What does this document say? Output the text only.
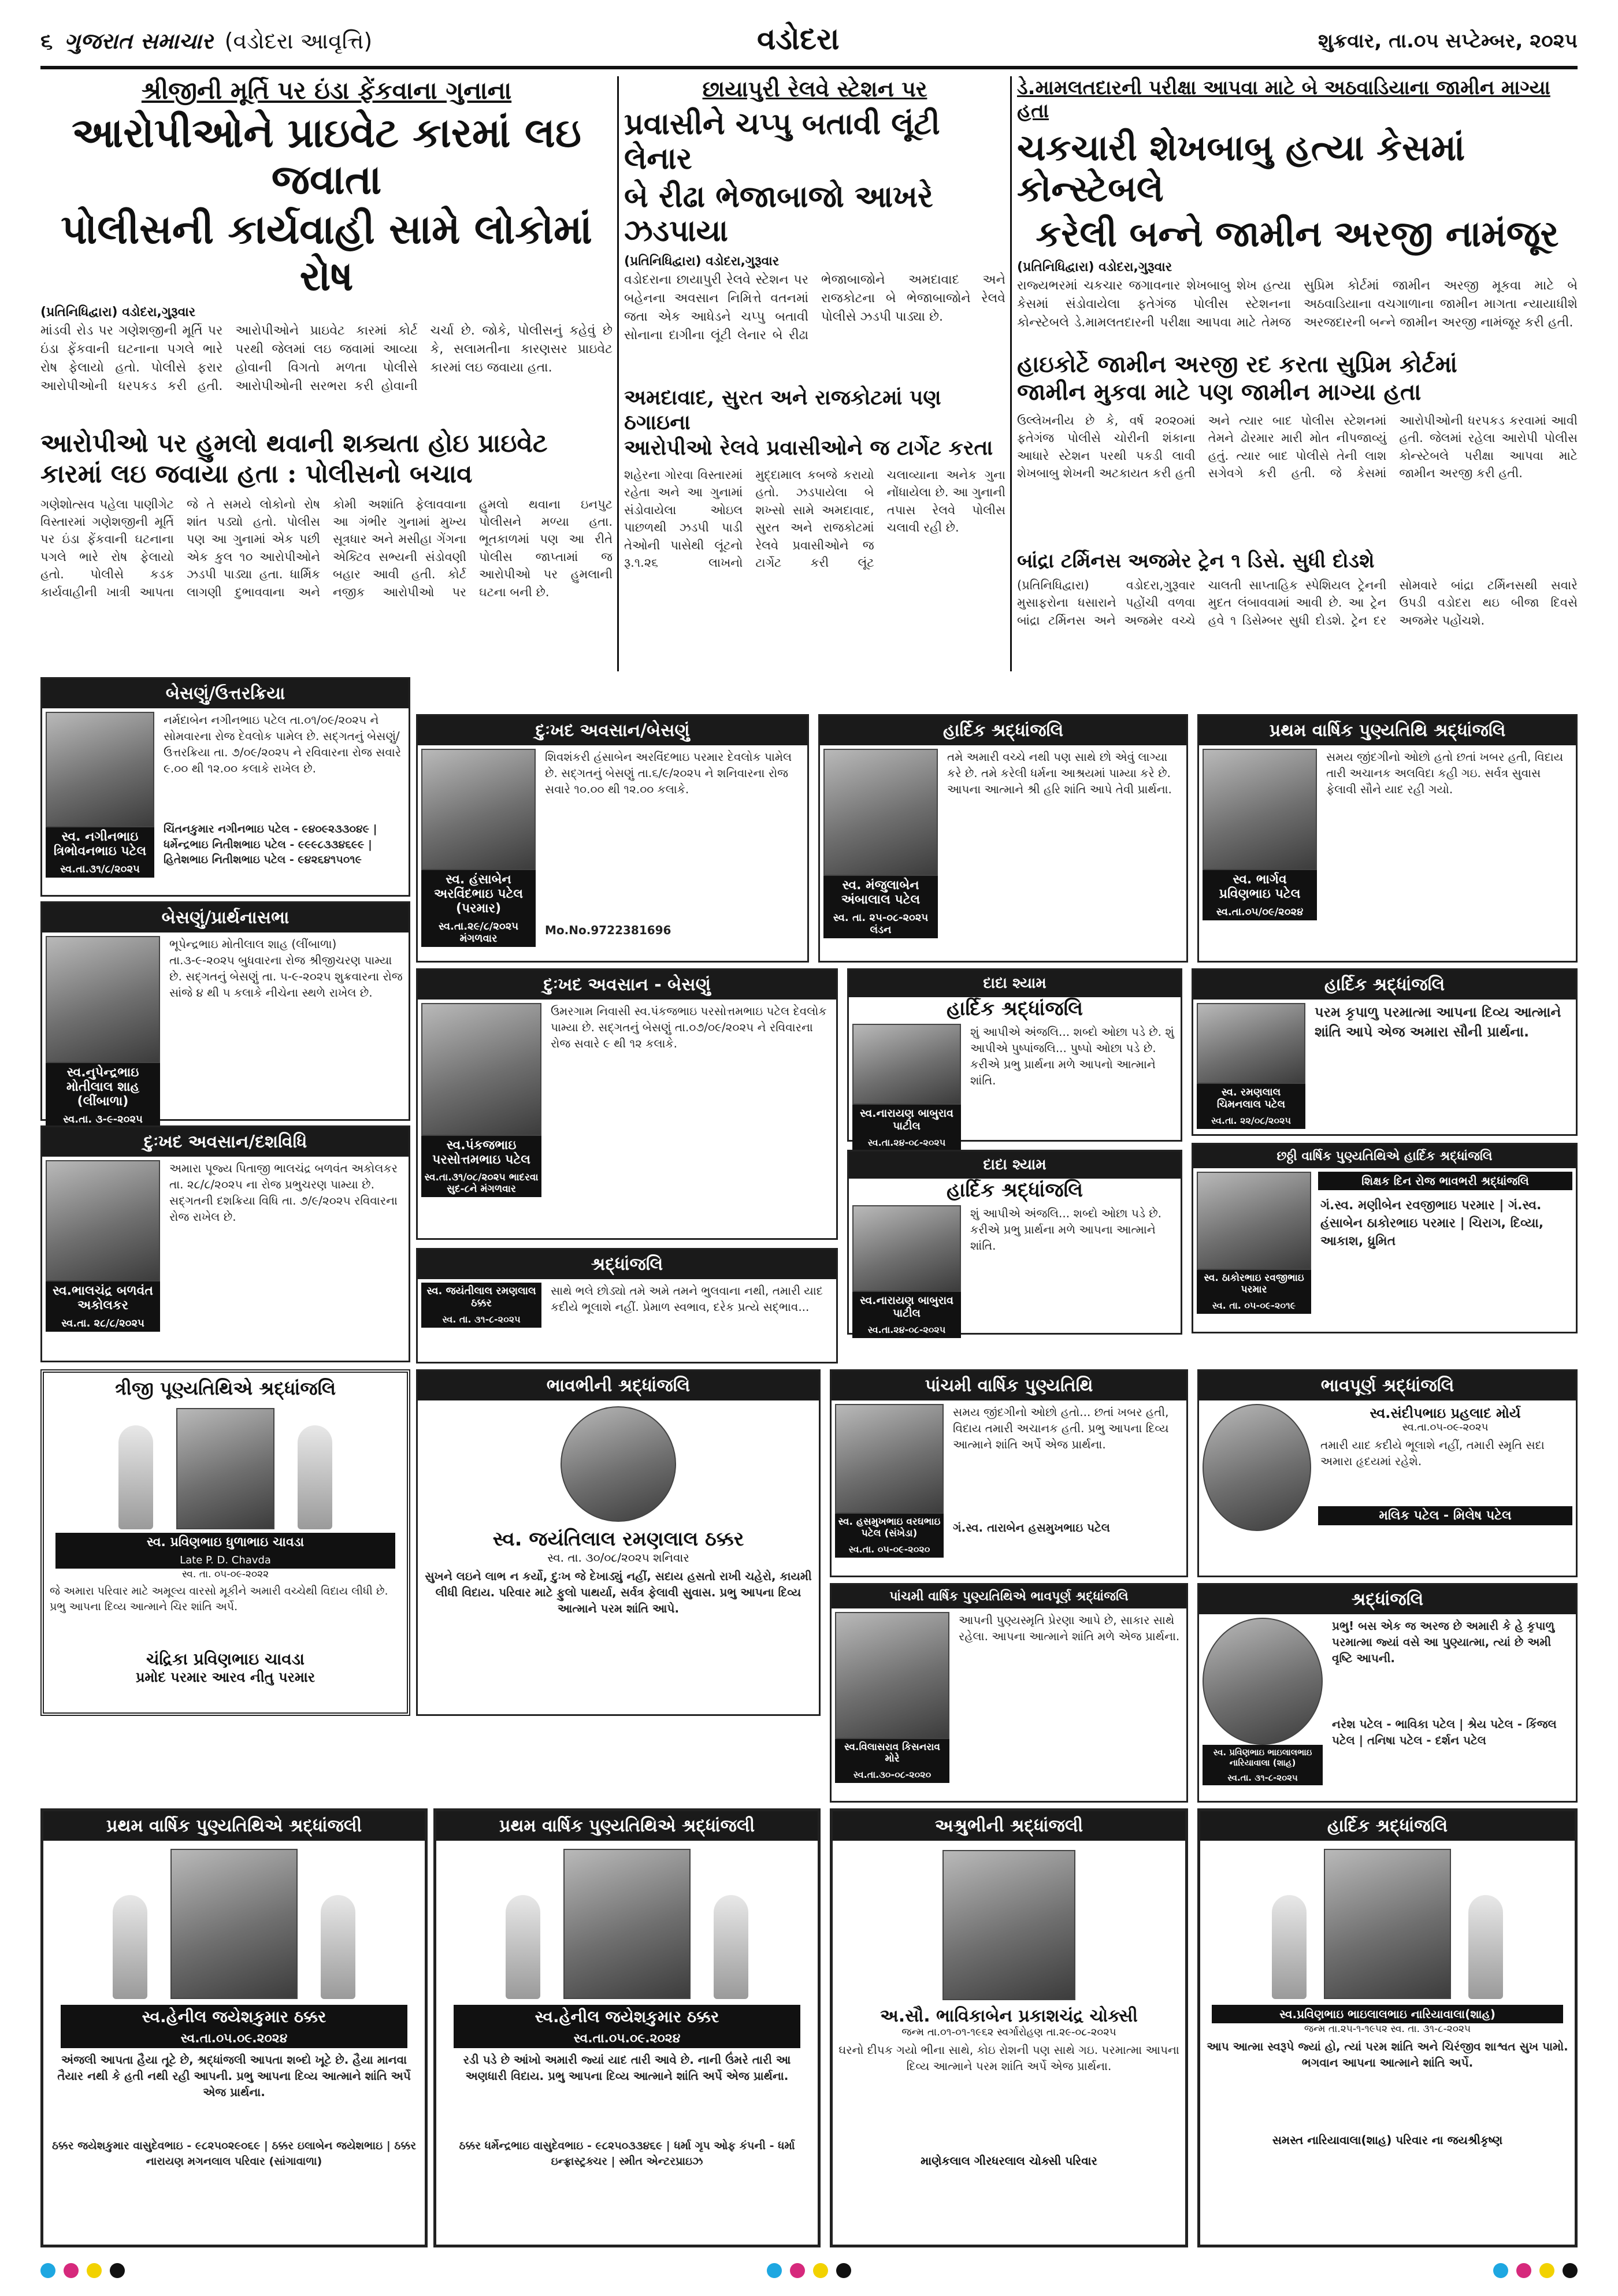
૬ ગુજરાત સમાચાર (વડોદરા આવૃત્તિ)	વડોદરા	શુક્રવાર, તા.૦૫ સપ્ટેમ્બર, ૨૦૨૫
શ્રીજીની મૂર્તિ પર ઇંડા ફેંકવાના ગુનાના
આરોપીઓને પ્રાઇવેટ કારમાં લઇ જવાતા
પોલીસની કાર્યવાહી સામે લોકોમાં રોષ
(પ્રતિનિધિદ્વારા) વડોદરા,ગુરૂવાર
માંડવી રોડ પર ગણેશજીની મૂર્તિ પર ઇંડા ફેંકવાની ઘટનાના પગલે ભારે રોષ ફેલાયો હતો. પોલીસે ફરાર આરોપીઓની ધરપકડ કરી હતી. આરોપીઓને પ્રાઇવેટ કારમાં કોર્ટ પરથી જેલમાં લઇ જવામાં આવ્યા હોવાની વિગતો મળતા પોલીસે આરોપીઓની સરભરા કરી હોવાની ચર્ચા છે. જોકે, પોલીસનું કહેવું છે કે, સલામતીના કારણસર પ્રાઇવેટ કારમાં લઇ જવાયા હતા.
આરોપીઓ પર હુમલો થવાની શક્યતા હોઇ પ્રાઇવેટ
કારમાં લઇ જવાયા હતા : પોલીસનો બચાવ
ગણેશોત્સવ પહેલા પાણીગેટ વિસ્તારમાં ગણેશજીની મૂર્તિ પર ઇંડા ફેંકવાની ઘટનાના પગલે ભારે રોષ ફેલાયો હતો. પોલીસે કડક કાર્યવાહીની ખાત્રી આપતા જે તે સમયે લોકોનો રોષ શાંત પડ્યો હતો. પોલીસ પણ આ ગુનામાં એક પછી એક કુલ ૧૦ આરોપીઓને ઝડપી પાડ્યા હતા. ધાર્મિક લાગણી દુભાવવાના અને કોમી અશાંતિ ફેલાવવાના આ ગંભીર ગુનામાં મુખ્ય સૂત્રધાર અને મસીહા ગેંગના એક્ટિવ સભ્યની સંડોવણી બહાર આવી હતી. કોર્ટ નજીક આરોપીઓ પર હુમલો થવાના ઇનપુટ પોલીસને મળ્યા હતા. ભૂતકાળમાં પણ આ રીતે પોલીસ જાપ્તામાં જ આરોપીઓ પર હુમલાની ઘટના બની છે.
છાયાપુરી રેલવે સ્ટેશન પર
પ્રવાસીને ચપ્પુ બતાવી લૂંટી લેનાર
બે રીઢા ભેજાબાજો આખરે ઝડપાયા
(પ્રતિનિધિદ્વારા) વડોદરા,ગુરૂવાર
વડોદરાના છાયાપુરી રેલવે સ્ટેશન પર બહેનના અવસાન નિમિત્તે વતનમાં જતા એક આધેડને ચપ્પુ બતાવી સોનાના દાગીના લૂંટી લેનાર બે રીઢા ભેજાબાજોને અમદાવાદ અને રાજકોટના બે ભેજાબાજોને રેલવે પોલીસે ઝડપી પાડ્યા છે.
અમદાવાદ, સુરત અને રાજકોટમાં પણ ઠગાઇના
આરોપીઓ રેલવે પ્રવાસીઓને જ ટાર્ગેટ કરતા
શહેરના ગોરવા વિસ્તારમાં રહેતા અને આ ગુનામાં સંડોવાયેલા ઓઇલ પાછળથી ઝડપી પાડી તેઓની પાસેથી લૂંટનો રૂ.૧.૨૬ લાખનો મુદ્દામાલ કબજે કરાયો હતો. ઝડપાયેલા બે શખ્સો સામે અમદાવાદ, સુરત અને રાજકોટમાં રેલવે પ્રવાસીઓને જ ટાર્ગેટ કરી લૂંટ ચલાવ્યાના અનેક ગુના નોંધાયેલા છે. આ ગુનાની તપાસ રેલવે પોલીસ ચલાવી રહી છે.
ડે.મામલતદારની પરીક્ષા આપવા માટે બે અઠવાડિયાના જામીન માગ્યા હતા
ચકચારી શેખબાબુ હત્યા કેસમાં કોન્સ્ટેબલે
કરેલી બન્ને જામીન અરજી નામંજૂર
(પ્રતિનિધિદ્વારા) વડોદરા,ગુરૂવાર
રાજ્યભરમાં ચકચાર જગાવનાર શેખબાબુ શેખ હત્યા કેસમાં સંડોવાયેલા ફતેગંજ પોલીસ સ્ટેશનના કોન્સ્ટેબલે ડે.મામલતદારની પરીક્ષા આપવા માટે તેમજ સુપ્રિમ કોર્ટમાં જામીન અરજી મૂકવા માટે બે અઠવાડિયાના વચગાળાના જામીન માગતા ન્યાયાધીશે અરજદારની બન્ને જામીન અરજી નામંજૂર કરી હતી.
હાઇકોર્ટે જામીન અરજી રદ કરતા સુપ્રિમ કોર્ટમાં
જામીન મુકવા માટે પણ જામીન માગ્યા હતા
ઉલ્લેખનીય છે કે, વર્ષ ૨૦૨૦માં ફતેગંજ પોલીસે ચોરીની શંકાના આધારે સ્ટેશન પરથી પકડી લાવી શેખબાબુ શેખની અટકાયત કરી હતી અને ત્યાર બાદ પોલીસ સ્ટેશનમાં તેમને ઢોરમાર મારી મોત નીપજાવ્યું હતું. ત્યાર બાદ પોલીસે તેની લાશ સગેવગે કરી હતી. જે કેસમાં આરોપીઓની ધરપકડ કરવામાં આવી હતી. જેલમાં રહેલા આરોપી પોલીસ કોન્સ્ટેબલે પરીક્ષા આપવા માટે જામીન અરજી કરી હતી.
બાંદ્રા ટર્મિનસ અજમેર ટ્રેન ૧ ડિસે. સુધી દોડશે
(પ્રતિનિધિદ્વારા) વડોદરા,ગુરૂવાર મુસાફરોના ધસારાને પહોંચી વળવા બાંદ્રા ટર્મિનસ અને અજમેર વચ્ચે ચાલતી સાપ્તાહિક સ્પેશિયલ ટ્રેનની મુદત લંબાવવામાં આવી છે. આ ટ્રેન હવે ૧ ડિસેમ્બર સુધી દોડશે. ટ્રેન દર સોમવારે બાંદ્રા ટર્મિનસથી સવારે ઉપડી વડોદરા થઇ બીજા દિવસે અજમેર પહોંચશે.
બેસણું/ઉત્તરક્રિયા
સ્વ. નગીનભાઇ ત્રિભોવનભાઇ પટેલ
સ્વ.તા.૩૧/૮/૨૦૨૫
નર્મદાબેન નગીનભાઇ પટેલ તા.૦૧/૦૯/૨૦૨૫ ને સોમવારના રોજ દેવલોક પામેલ છે. સદ્ગતનું બેસણું/ઉત્તરક્રિયા તા. ૭/૦૯/૨૦૨૫ ને રવિવારના રોજ સવારે ૯.૦૦ થી ૧૨.૦૦ કલાકે રાખેલ છે.
ચિંતનકુમાર નગીનભાઇ પટેલ - ૯૪૦૯૨૩૩૦૪૯ | ધર્મેન્દ્રભાઇ નિતીશભાઇ પટેલ - ૯૯૯૮૩૩૪૬૯૯ | હિતેશભાઇ નિતીશભાઇ પટેલ - ૯૪૨૬૪૧૫૦૧૯
બેસણું/પ્રાર્થનાસભા
સ્વ.નુપેન્દ્રભાઇ મોતીલાલ શાહ (લીંબાળા)
સ્વ.તા. ૩-૯-૨૦૨૫
ભૂપેન્દ્રભાઇ મોતીલાલ શાહ (લીંબાળા) તા.૩-૯-૨૦૨૫ બુધવારના રોજ શ્રીજીચરણ પામ્યા છે. સદ્ગતનું બેસણું તા. ૫-૯-૨૦૨૫ શુક્રવારના રોજ સાંજે ૪ થી ૫ કલાકે નીચેના સ્થળે રાખેલ છે.
દુઃખદ અવસાન/દશવિધિ
સ્વ.ભાલચંદ્ર બળવંત અકોલકર
સ્વ.તા. ૨૮/૮/૨૦૨૫
અમારા પૂજ્ય પિતાજી ભાલચંદ્ર બળવંત અકોલકર તા. ૨૮/૮/૨૦૨૫ ના રોજ પ્રભુચરણ પામ્યા છે. સદ્ગતની દશક્રિયા વિધિ તા. ૭/૯/૨૦૨૫ રવિવારના રોજ રાખેલ છે.
દુઃખદ અવસાન/બેસણું
સ્વ. હંસાબેન અરવિંદભાઇ પટેલ (પરમાર)
સ્વ.તા.૨૯/૮/૨૦૨૫ મંગળવાર
શિવશંકરી હંસાબેન અરવિંદભાઇ પરમાર દેવલોક પામેલ છે. સદ્ગતનું બેસણું તા.૬/૯/૨૦૨૫ ને શનિવારના રોજ સવારે ૧૦.૦૦ થી ૧૨.૦૦ કલાકે.
Mo.No.9722381696
હાર્દિક શ્રદ્ધાંજલિ
સ્વ. મંજુલાબેન અંબાલાલ પટેલ
સ્વ. તા. ૨૫-૦૮-૨૦૨૫ લંડન
તમે અમારી વચ્ચે નથી પણ સાથે છો એવું લાગ્યા કરે છે. તમે કરેલી ધર્મના આશ્રયમાં પામ્યા કરે છે. આપના આત્માને શ્રી હરિ શાંતિ આપે તેવી પ્રાર્થના.
પ્રથમ વાર્ષિક પુણ્યતિથિ શ્રદ્ધાંજલિ
સ્વ. ભાર્ગવ પ્રવિણભાઇ પટેલ
સ્વ.તા.૦૫/૦૯/૨૦૨૪
સમય જીંદગીનો ઓછો હતો છતાં ખબર હતી, વિદાય તારી અચાનક અલવિદા કહી ગઇ. સર્વત્ર સુવાસ ફેલાવી સૌને યાદ રહી ગયો.
દુઃખદ અવસાન - બેસણું
સ્વ.પંકજભાઇ પરસોત્તમભાઇ પટેલ
સ્વ.તા.૩૧/૦૮/૨૦૨૫ ભાદરવા સુદ-૮ને મંગળવાર
ઉમરગામ નિવાસી સ્વ.પંકજભાઇ પરસોત્તમભાઇ પટેલ દેવલોક પામ્યા છે. સદ્ગતનું બેસણું તા.૦૭/૦૯/૨૦૨૫ ને રવિવારના રોજ સવારે ૯ થી ૧૨ કલાકે.
દાદા શ્યામ
હાર્દિક શ્રદ્ધાંજલિ
સ્વ.નારાયણ બાબુરાવ પાટીલ
સ્વ.તા.૨૪-૦૮-૨૦૨૫
શું આપીએ અંજલિ... શબ્દો ઓછા પડે છે. શું આપીએ પુષ્પાંજલિ... પુષ્પો ઓછા પડે છે. કરીએ પ્રભુ પ્રાર્થના મળે આપનો આત્માને શાંતિ.
દાદા શ્યામ
હાર્દિક શ્રદ્ધાંજલિ
સ્વ.નારાયણ બાબુરાવ પાટીલ
સ્વ.તા.૨૪-૦૮-૨૦૨૫
શું આપીએ અંજલિ... શબ્દો ઓછા પડે છે. કરીએ પ્રભુ પ્રાર્થના મળે આપના આત્માને શાંતિ.
હાર્દિક શ્રદ્ધાંજલિ
સ્વ. રમણલાલ ચિમનલાલ પટેલ
સ્વ.તા. ૨૨/૦૮/૨૦૨૫
પરમ કૃપાળુ પરમાત્મા આપના દિવ્ય આત્માને શાંતિ આપે એજ અમારા સૌની પ્રાર્થના.
છઠ્ઠી વાર્ષિક પુણ્યતિથિએ હાર્દિક શ્રદ્ધાંજલિ
સ્વ. ઠાકોરભાઇ રવજીભાઇ પરમાર
સ્વ. તા. ૦૫-૦૯-૨૦૧૯
શિક્ષક દિન રોજ ભાવભરી શ્રદ્ધાંજલિ
ગં.સ્વ. મણીબેન રવજીભાઇ પરમાર | ગં.સ્વ. હંસાબેન ઠાકોરભાઇ પરમાર | ચિરાગ, દિવ્યા, આકાશ, ધ્રુમિત
શ્રદ્ધાંજલિ
સ્વ. જયંતીલાલ રમણલાલ ઠક્કર
સ્વ. તા. ૩૧-૮-૨૦૨૫
સાથે ભલે છોડ્યો તમે અમે તમને ભુલવાના નથી, તમારી યાદ કદીયે ભૂલાશે નહીં. પ્રેમાળ સ્વભાવ, દરેક પ્રત્યે સદ્ભાવ...
ત્રીજી પૂણ્યતિથિએ શ્રદ્ધાંજલિ
સ્વ. પ્રવિણભાઇ ધુળાભાઇ ચાવડા
Late P. D. Chavda
સ્વ. તા. ૦૫-૦૯-૨૦૨૨
જે અમારા પરિવાર માટે અમૂલ્ય વારસો મૂકીને અમારી વચ્ચેથી વિદાય લીધી છે. પ્રભુ આપના દિવ્ય આત્માને ચિર શાંતિ અર્પે.
ચંદ્રિકા પ્રવિણભાઇ ચાવડા
પ્રમોદ પરમાર આરવ નીતુ પરમાર
ભાવભીની શ્રદ્ધાંજલિ
સ્વ. જયંતિલાલ રમણલાલ ઠક્કર
સ્વ. તા. ૩૦/૦૮/૨૦૨૫ શનિવાર
સુખને લઇને લાભ ન કર્યો, દુઃખ જે દેખાડ્યું નહીં, સદાય હસતો રાખી ચહેરો, કાયમી લીધી વિદાય. પરિવાર માટે ફુલો પાથર્યા, સર્વત્ર ફેલાવી સુવાસ. પ્રભુ આપના દિવ્ય આત્માને પરમ શાંતિ આપે.
પાંચમી વાર્ષિક પુણ્યતિથિ
સ્વ. હસમુખભાઇ વરઘભાઇ પટેલ (સંખેડા)
સ્વ.તા. ૦૫-૦૯-૨૦૨૦
સમય જીંદગીનો ઓછો હતો... છતાં ખબર હતી, વિદાય તમારી અચાનક હતી. પ્રભુ આપના દિવ્ય આત્માને શાંતિ અર્પે એજ પ્રાર્થના.
ગં.સ્વ. તારાબેન હસમુખભાઇ પટેલ
ભાવપૂર્ણ શ્રદ્ધાંજલિ
સ્વ.સંદીપભાઇ પ્રહલાદ મોર્ય
સ્વ.તા.૦૫-૦૯-૨૦૨૫
તમારી યાદ કદીયે ભૂલાશે નહીં, તમારી સ્મૃતિ સદા અમારા હૃદયમાં રહેશે.
મલિક પટેલ - મિલેષ પટેલ
પાંચમી વાર્ષિક પુણ્યતિથિએ ભાવપૂર્ણ શ્રદ્ધાંજલિ
સ્વ.વિલાસરાવ કિસનરાવ મોરે
સ્વ.તા.૩૦-૦૮-૨૦૨૦
આપની પુણ્યસ્મૃતિ પ્રેરણા આપે છે, સાકાર સાથે રહેલા. આપના આત્માને શાંતિ મળે એજ પ્રાર્થના.
શ્રદ્ધાંજલિ
સ્વ. પ્રવિણભાઇ ભાઇલાલભાઇ નારિયાવાલા (શાહ)
સ્વ.તા. ૩૧-૮-૨૦૨૫
પ્રભુ! બસ એક જ અરજ છે અમારી કે હે કૃપાળુ પરમાત્મા જ્યાં વસે આ પુણ્યાત્મા, ત્યાં છે અમી વૃષ્ટિ આપની.
નરેશ પટેલ - ભાવિકા પટેલ | શ્રેય પટેલ - કિંજલ પટેલ | તનિષા પટેલ - દર્શન પટેલ
પ્રથમ વાર્ષિક પુણ્યતિથિએ શ્રદ્ધાંજલી
સ્વ.હેનીલ જયેશકુમાર ઠક્કર
સ્વ.તા.૦૫.૦૯.૨૦૨૪
અંજલી આપતા હૈયા તૂટે છે, શ્રદ્ધાંજલી આપતા શબ્દો ખૂટે છે. હૈયા માનવા તૈયાર નથી કે હતી નથી રહી આપની. પ્રભુ આપના દિવ્ય આત્માને શાંતિ અર્પે એજ પ્રાર્થના.
ઠક્કર જયેશકુમાર વાસુદેવભાઇ - ૯૮૨૫૦૨૯૦૬૯ | ઠક્કર ઇલાબેન જયેશભાઇ | ઠક્કર નારાયણ મગનલાલ પરિવાર (સાંગાવાળા)
પ્રથમ વાર્ષિક પુણ્યતિથિએ શ્રદ્ધાંજલી
સ્વ.હેનીલ જયેશકુમાર ઠક્કર
સ્વ.તા.૦૫.૦૯.૨૦૨૪
રડી પડે છે આંખો અમારી જ્યાં યાદ તારી આવે છે. નાની ઉંમરે તારી આ અણધારી વિદાય. પ્રભુ આપના દિવ્ય આત્માને શાંતિ અર્પે એજ પ્રાર્થના.
ઠક્કર ધર્મેન્દ્રભાઇ વાસુદેવભાઇ - ૯૮૨૫૦૩૩૪૬૯ | ધર્મા ગૃપ ઓફ કંપની - ધર્મા ઇન્ફ્રાસ્ટ્રક્ચર | સ્મીત એન્ટરપ્રાઇઝ
અશ્રુભીની શ્રદ્ધાંજલી
અ.સૌ. ભાવિકાબેન પ્રકાશચંદ્ર ચોક્સી
જન્મ તા.૦૧-૦૧-૧૯૬૨ સ્વર્ગારોહણ તા.૨૯-૦૮-૨૦૨૫
ઘરનો દીપક ગયો ભીના સાથે, કોઇ રોશની પણ સાથે ગઇ. પરમાત્મા આપના દિવ્ય આત્માને પરમ શાંતિ અર્પે એજ પ્રાર્થના.
માણેકલાલ ગીરધરલાલ ચોક્સી પરિવાર
હાર્દિક શ્રદ્ધાંજલિ
સ્વ.પ્રવિણભાઇ ભાઇલાલભાઇ નારિયાવાલા(શાહ)
જન્મ તા.૨૫-૧-૧૯૫૨ સ્વ. તા. ૩૧-૮-૨૦૨૫
આપ આત્મા સ્વરૂપે જ્યાં હો, ત્યાં પરમ શાંતિ અને ચિરંજીવ શાશ્વત સુખ પામો. ભગવાન આપના આત્માને શાંતિ અર્પે.
સમસ્ત નારિયાવાલા(શાહ) પરિવાર ના જયશ્રીકૃષ્ણ
